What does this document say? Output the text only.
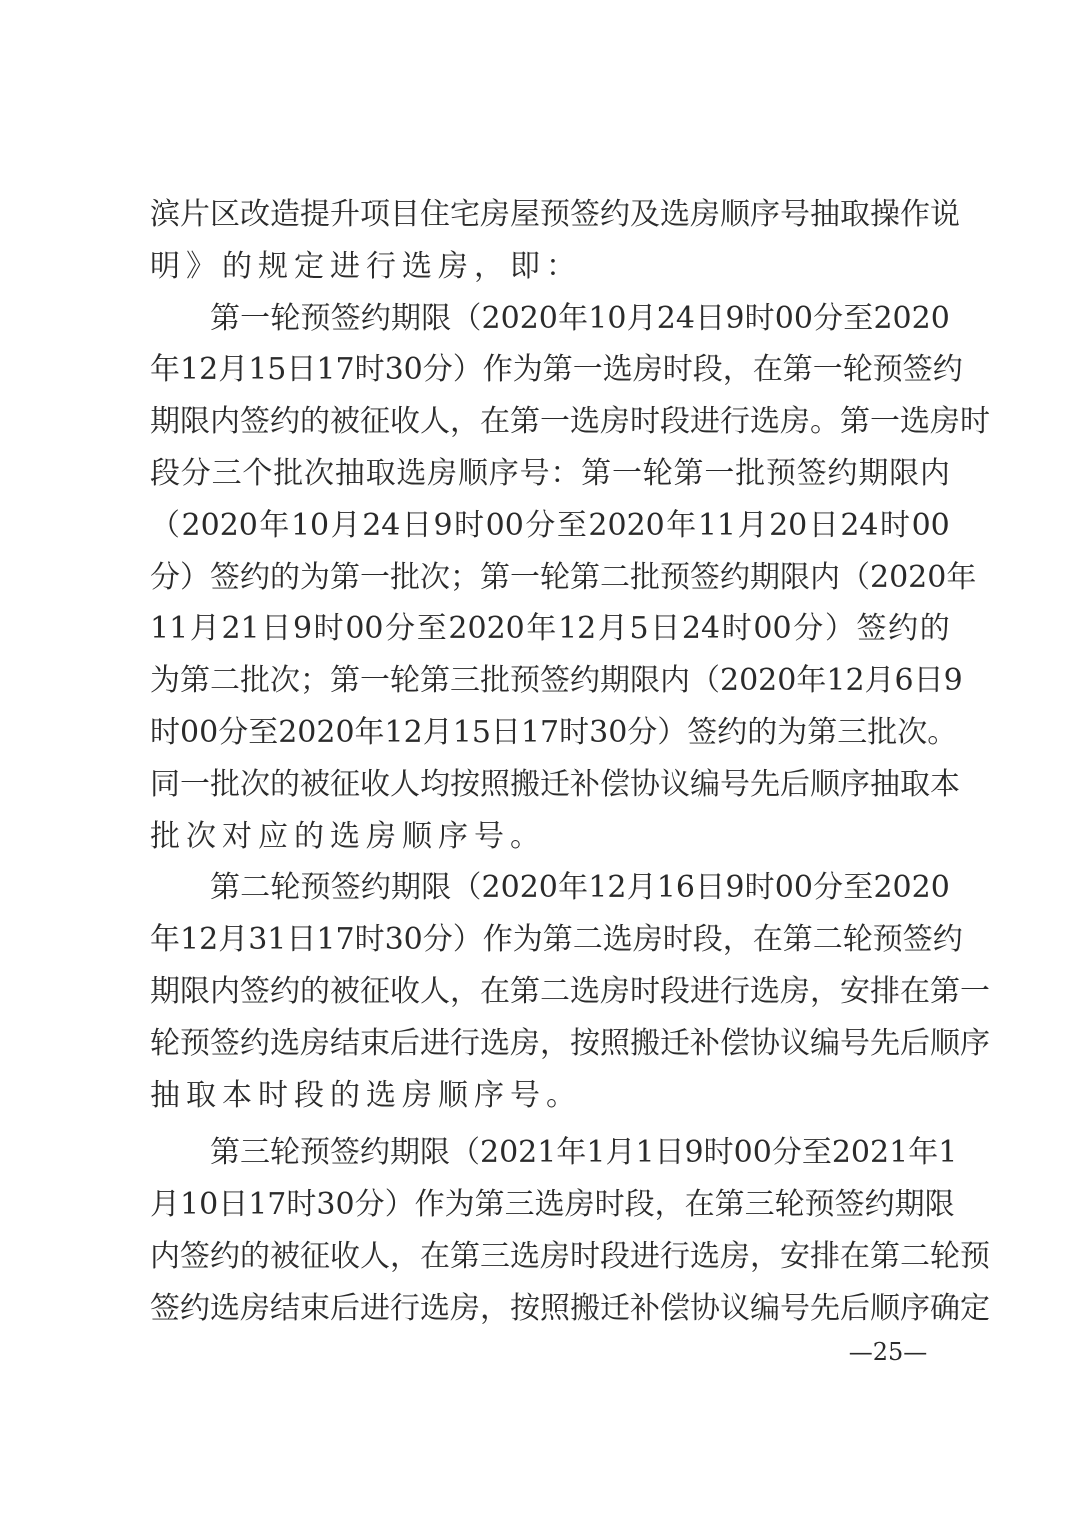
滨 片 区 改 造 提 升 项 目 住 宅 房 屋 预 签 约 及 选 房 顺 序 号 抽 取 操 作 说
明》的规定进行选房，即：
第 一 轮 预 签 约 期 限 （ 2020 年 10 月 24 日 9 时 00 分 至 2020
年 12 月 15 日 17 时 30 分 ） 作 为 第 一 选 房 时 段 ， 在 第 一 轮 预 签 约
期 限 内 签 约 的 被 征 收 人 ， 在 第 一 选 房 时 段 进 行 选 房 。 第 一 选 房 时
段 分 三 个 批 次 抽 取 选 房 顺 序 号 ： 第 一 轮 第 一 批 预 签 约 期 限 内
（ 2020 年 10 月 24 日 9 时 00 分 至 2020 年 11 月 20 日 24 时 00
分 ） 签 约 的 为 第 一 批 次 ； 第 一 轮 第 二 批 预 签 约 期 限 内 （ 2020 年
11 月 21 日 9 时 00 分 至 2020 年 12 月 5 日 24 时 00 分 ） 签 约 的
为 第 二 批 次 ； 第 一 轮 第 三 批 预 签 约 期 限 内 （ 2020 年 12 月 6 日 9
时 00 分 至 2020 年 12 月 15 日 17 时 30 分 ） 签 约 的 为 第 三 批 次 。
同 一 批 次 的 被 征 收 人 均 按 照 搬 迁 补 偿 协 议 编 号 先 后 顺 序 抽 取 本
批次对应的选房顺序号。
第 二 轮 预 签 约 期 限 （ 2020 年 12 月 16 日 9 时 00 分 至 2020
年 12 月 31 日 17 时 30 分 ） 作 为 第 二 选 房 时 段 ， 在 第 二 轮 预 签 约
期 限 内 签 约 的 被 征 收 人 ， 在 第 二 选 房 时 段 进 行 选 房 ， 安 排 在 第 一
轮 预 签 约 选 房 结 束 后 进 行 选 房 ， 按 照 搬 迁 补 偿 协 议 编 号 先 后 顺 序
抽取本时段的选房顺序号。
第 三 轮 预 签 约 期 限 （ 2021 年 1 月 1 日 9 时 00 分 至 2021 年 1
月 10 日 17 时 30 分 ） 作 为 第 三 选 房 时 段 ， 在 第 三 轮 预 签 约 期 限
内 签 约 的 被 征 收 人 ， 在 第 三 选 房 时 段 进 行 选 房 ， 安 排 在 第 二 轮 预
签 约 选 房 结 束 后 进 行 选 房 ， 按 照 搬 迁 补 偿 协 议 编 号 先 后 顺 序 确 定
—25—
